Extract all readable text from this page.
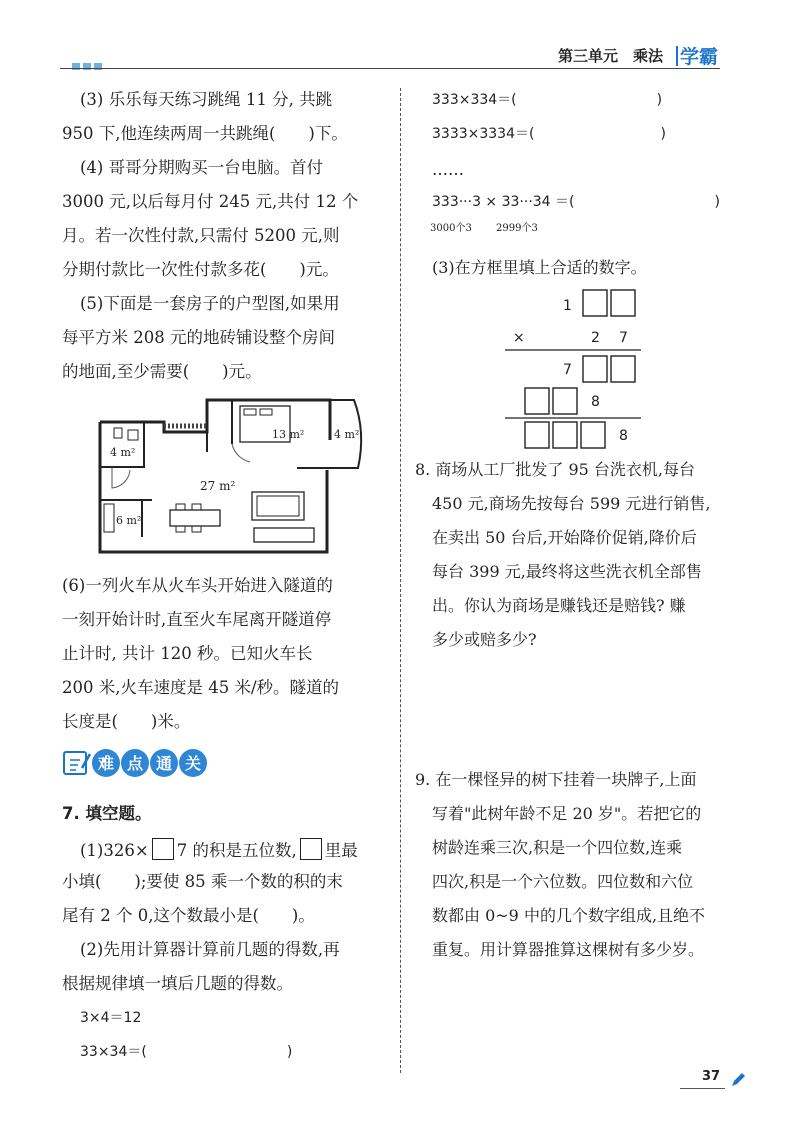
第三单元　乘法 学霸
(3) 乐乐每天练习跳绳 11 分, 共跳
950 下,他连续两周一共跳绳(　　)下。
(4) 哥哥分期购买一台电脑。首付
3000 元,以后每月付 245 元,共付 12 个
月。若一次性付款,只需付 5200 元,则
分期付款比一次性付款多花(　　)元。
(5)下面是一套房子的户型图,如果用
每平方米 208 元的地砖铺设整个房间
的地面,至少需要(　　)元。
13 m²	4 m²
4 m²
27 m²
6 m²
(6)一列火车从火车头开始进入隧道的
一刻开始计时,直至火车尾离开隧道停
止计时, 共计 120 秒。已知火车长
200 米,火车速度是 45 米/秒。隧道的
长度是(　　)米。
难 点 通 关
7. 填空题。
(1)326× 7 的积是五位数, 里最
小填(　　);要使 85 乘一个数的积的末
尾有 2 个 0,这个数最小是(　　)。
(2)先用计算器计算前几题的得数,再
根据规律填一填后几题的得数。
3×4＝12
33×34＝(　　　　　　　　　　)
333×334＝(　　　　　　　　　　)
3333×3334＝(　　　　　　　　　)
……
333···3 × 33···34 ＝(　　　　　　　　　　)
3000个3 2999个3
(3)在方框里填上合适的数字。
1
×	2 7
7
8
8
8. 商场从工厂批发了 95 台洗衣机,每台
450 元,商场先按每台 599 元进行销售,
在卖出 50 台后,开始降价促销,降价后
每台 399 元,最终将这些洗衣机全部售
出。你认为商场是赚钱还是赔钱? 赚
多少或赔多少?
9. 在一棵怪异的树下挂着一块牌子,上面
写着"此树年龄不足 20 岁"。若把它的
树龄连乘三次,积是一个四位数,连乘
四次,积是一个六位数。四位数和六位
数都由 0~9 中的几个数字组成,且绝不
重复。用计算器推算这棵树有多少岁。
37
